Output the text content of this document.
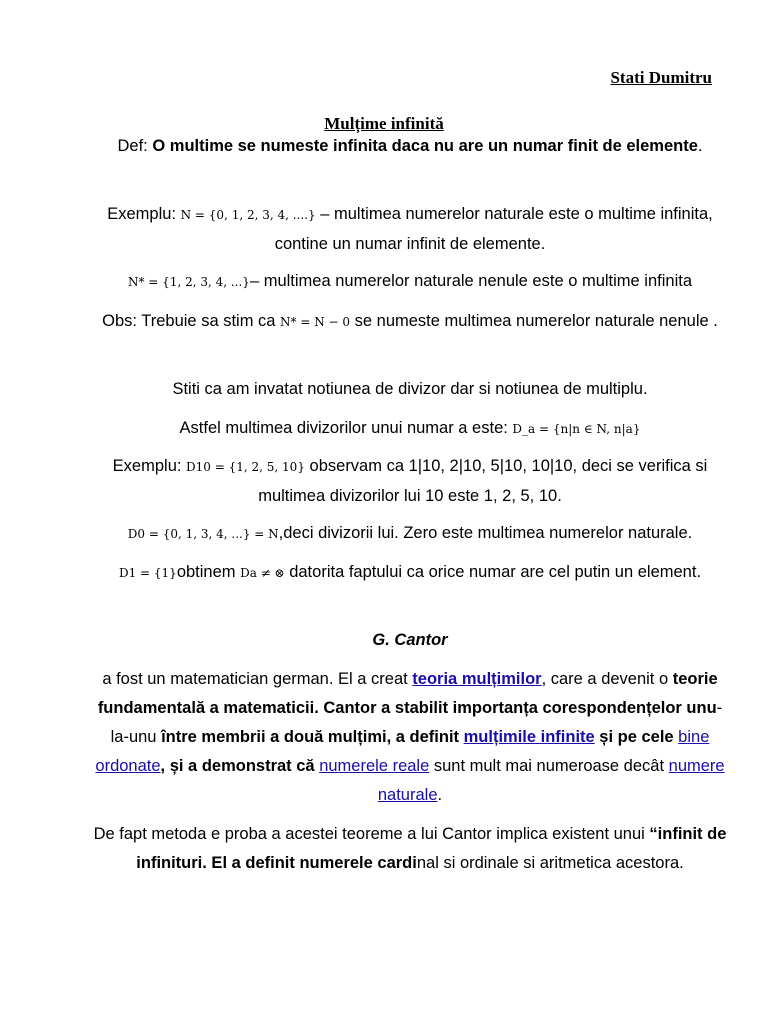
Stati Dumitru
Mulțime infinită
Def: O multime se numeste infinita daca nu are un numar finit de elemente.
Exemplu: N = {0, 1, 2, 3, 4, ....} – multimea numerelor naturale este o multime infinita, contine un numar infinit de elemente.
N* = {1, 2, 3, 4, ...}– multimea numerelor naturale nenule este o multime infinita
Obs: Trebuie sa stim ca N* = N − 0 se numeste multimea numerelor naturale nenule .
Stiti ca am invatat notiunea de divizor dar si notiunea de multiplu.
Astfel multimea divizorilor unui numar a este: D_a = {n|n ∈ N, n|a}
Exemplu: D10 = {1, 2, 5, 10} observam ca 1|10, 2|10, 5|10, 10|10, deci se verifica si multimea divizorilor lui 10 este 1, 2, 5, 10.
D0 = {0, 1, 3, 4, ...} = N,deci divizorii lui. Zero este multimea numerelor naturale.
D1 = {1}obtinem Da ≠ ⊗ datorita faptului ca orice numar are cel putin un element.
G. Cantor
a fost un matematician german. El a creat teoria mulțimilor, care a devenit o teorie fundamentală a matematicii. Cantor a stabilit importanța corespondențelor unu-la-unu între membrii a două mulțimi, a definit mulțimile infinite și pe cele bine ordonate, și a demonstrat că numerele reale sunt mult mai numeroase decât numere naturale.
De fapt metoda e proba a acestei teoreme a lui Cantor implica existent unui “infinit de infinituri. El a definit numerele cardinal si ordinale si aritmetica acestora.
